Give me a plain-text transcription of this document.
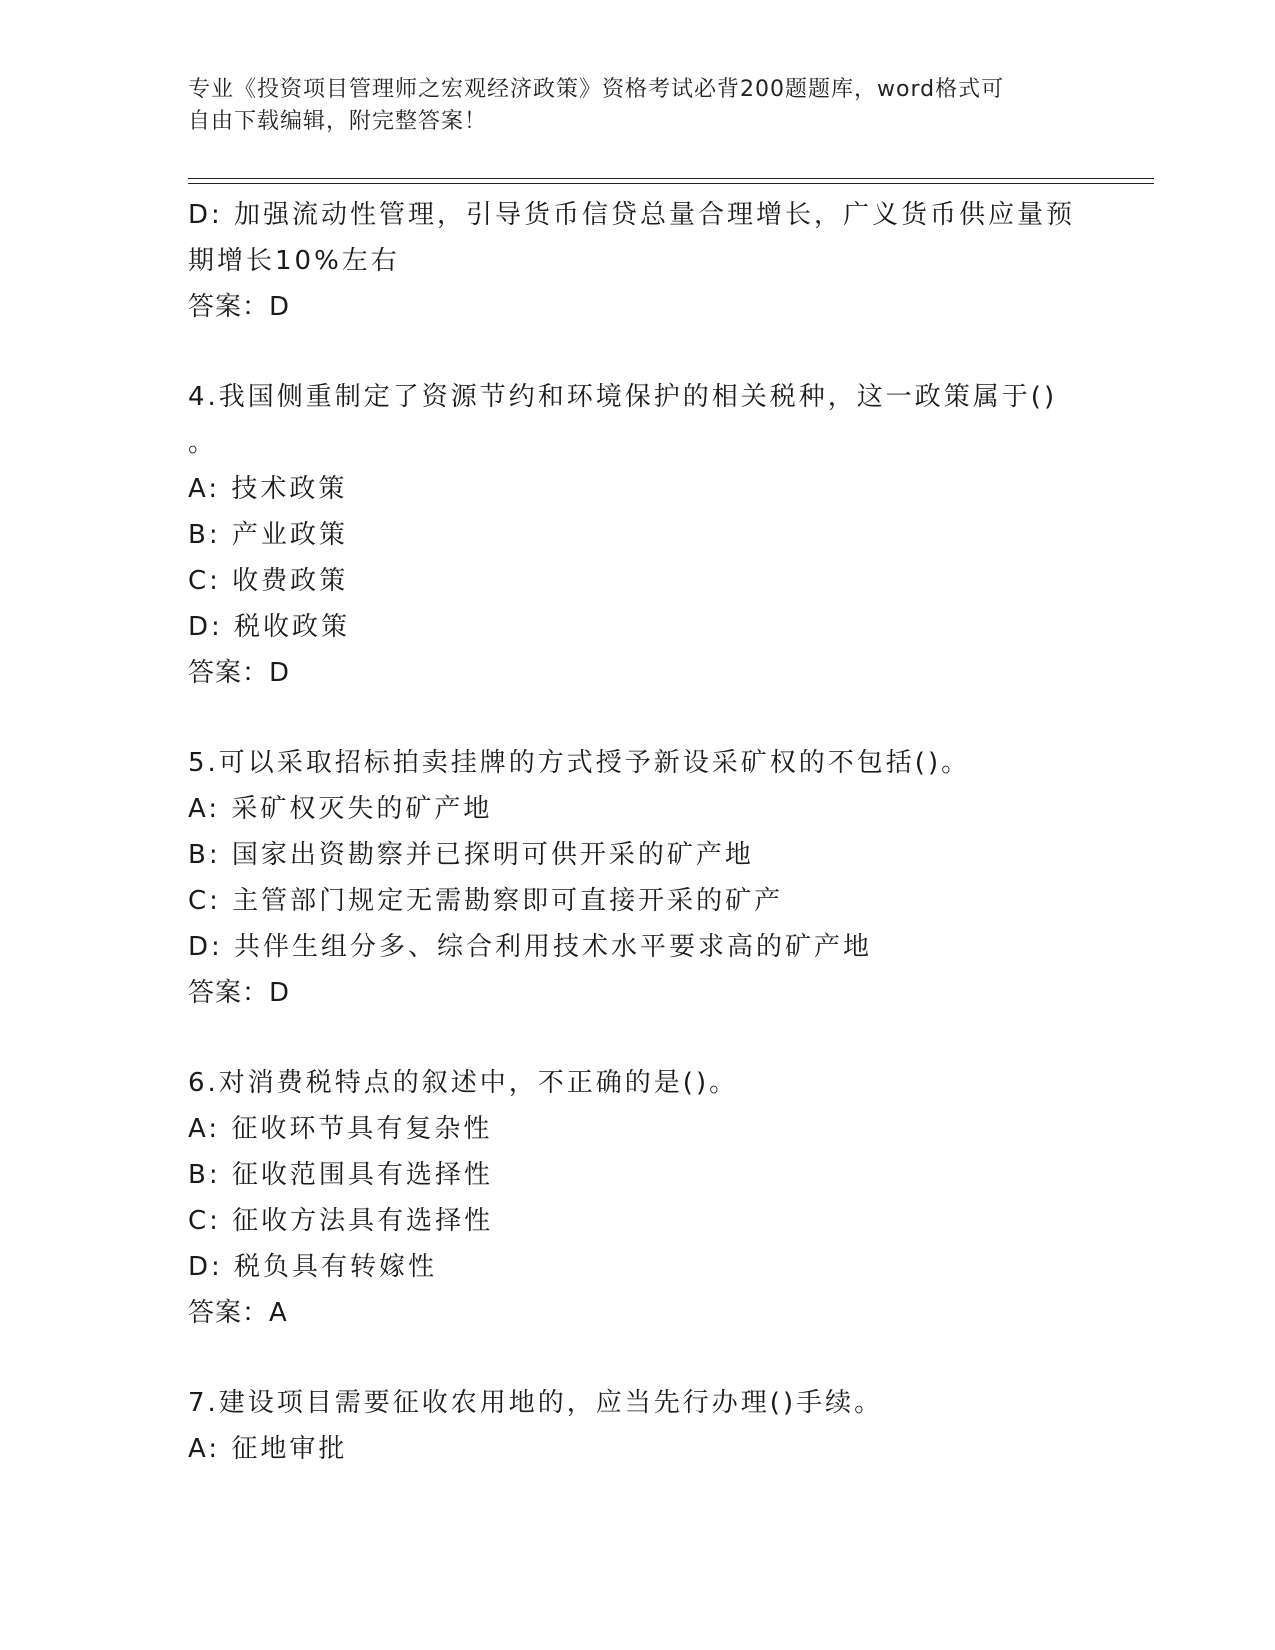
专业《投资项目管理师之宏观经济政策》资格考试必背200题题库，word格式可
自由下载编辑，附完整答案！
D: 加强流动性管理，引导货币信贷总量合理增长，广义货币供应量预
期增长10%左右
答案：D
4.我国侧重制定了资源节约和环境保护的相关税种，这一政策属于()
。
A: 技术政策
B: 产业政策
C: 收费政策
D: 税收政策
答案：D
5.可以采取招标拍卖挂牌的方式授予新设采矿权的不包括()。
A: 采矿权灭失的矿产地
B: 国家出资勘察并已探明可供开采的矿产地
C: 主管部门规定无需勘察即可直接开采的矿产
D: 共伴生组分多、综合利用技术水平要求高的矿产地
答案：D
6.对消费税特点的叙述中，不正确的是()。
A: 征收环节具有复杂性
B: 征收范围具有选择性
C: 征收方法具有选择性
D: 税负具有转嫁性
答案：A
7.建设项目需要征收农用地的，应当先行办理()手续。
A: 征地审批
